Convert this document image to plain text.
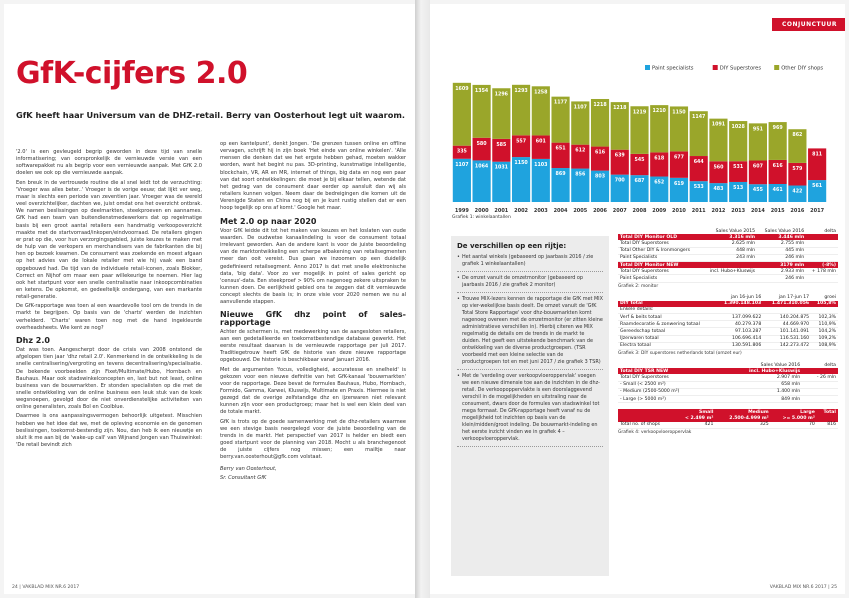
GfK-cijfers 2.0
GfK heeft haar Universum van de DHZ-retail. Berry van Oosterhout legt uit waarom.

'2.0' is een gevleugeld begrip geworden in deze tijd van snelle informatisering; van oorspronkelijk de vernieuwde versie van een softwarepakket nu als begrip voor een vernieuwde aanpak. Met GfK 2.0 doelen we ook op die vernieuwde aanpak.

Een breuk in de vertrouwde routine die al snel leidt tot de verzuchting: 'Vroeger was alles beter..' Vroeger is de vorige eeuw; dat lijkt ver weg, maar is slechts een periode van zeventien jaar. Vroeger was de wereld veel overzichtelijker, dachten we, juist omdat ons het overzicht ontbrak. We namen beslissingen op deelmarkten, steekproeven en aannames. GfK had een team van buitendienstmedewerkers dat op regelmatige basis bij een groot aantal retailers een handmatig verkoopoverzicht maakte met de startvorraad/inkopen/eindvoorraad. De retailers gingen er prat op die, voor hun verzorgingsgebied, juiste keuzes te maken met de hulp van de verkopers en merchandisers van de fabrikanten die bij hen op bezoek kwamen. De consument was zoekende en moest afgaan op het advies van de lokale retailer met wie hij vaak een band opgebouwd had. De tijd van de individuele retail-iconen, zoals Blokker, Correct en Nijhof om maar een paar willekeurige te noemen. Hier lag ook het startpunt voor een snelle centralisatie naar inkoopcombinaties en ketens. De opkomst, en gedeeltelijk ondergang, van een markante retail-generatie.

De GfK-rapportage was toen al een waardevolle tool om de trends in de markt te begrijpen. Op basis van de 'charts' werden de inzichten verhelderd. 'Charts' waren toen nog met de hand ingekleurde overheadsheets. Wie kent ze nog?

Dhz 2.0

Dat was toen. Aangescherpt door de crisis van 2008 ontstond de afgelopen tien jaar 'dhz retail 2.0'. Kenmerkend in de ontwikkeling is de snelle centralisering/vergroting en tevens decentralisering/specialisatie. De bekende voorbeelden zijn Fixet/Multimate/Hubo, Hornbach en Bauhaus. Maar ook stadswinkelconcepten en, last but not least, online business van de bouwmarkten. Er stonden specialisten op die met de snelle ontwikkeling van de online business een leuk stuk van de koek wegsnoepen, gevolgd door de niet onverdienstelijke activiteiten van online generalisten, zoals Bol en Coolblue.

Daarmee is ons aanpassingsvermogen behoorlijk uitgetest. Misschien hebben we het idee dat we, met de opleving economie en de genomen beslissingen, toekomst-bestendig zijn. Nou, dan heb ik een nieuwtje en sluit ik me aan bij de 'wake-up call' van Wijnand Jongen van Thuiswinkel: 'De retail bevindt zich

op een kantelpunt', denkt Jongen. 'De grenzen tussen online en offline vervagen, schrijft hij in zijn boek 'Het einde van online winkelen'. 'Alle mensen die denken dat we het ergste hebben gehad, moeten wakker worden, want het begint nu pas. 3D-printing, kunstmatige intelligentie, blockchain, VR, AR en MR, internet of things, big data en nog een paar van dat soort ontwikkelingen: die moet je bij elkaar tellen, wetende dat het gedrag van de consument daar eerder op aansluit dan wij als retailers kunnen volgen. Neem daar de bedreigingen die komen uit de Verenigde Staten en China nog bij en je kunt rustig stellen dat er een hoop tegelijk op ons af komt.' Google het maar.

Met 2.0 op naar 2020

Voor GfK leidde dit tot het maken van keuzes en het loslaten van oude waarden. De oudwetse kanaalindeling is voor de consument totaal irrelevant geworden. Aan de andere kant is voor de juiste beoordeling van de marktontwikkeling een scherpe afbakening van retailsegmenten meer dan ooit vereist. Dus gaan we inzoomen op een duidelijk gedefinieerd retailsegment. Anno 2017 is dat met snelle elektronische data, 'big data'. Voor zo ver mogelijk in point of sales gericht op 'census'-data. Een steekproef > 90% om nagenoeg zekere uitspraken te kunnen doen. De eerlijkheid gebied ons te zeggen dat dit vernieuwde concept slechts de basis is; in onze visie voor 2020 nemen we nu al aanvullende stappen.

Nieuwe GfK dhz point of sales-rapportage

Achter de schermen is, met medewerking van de aangesloten retailers, aan een gedetailleerde en toekomstbestendige database gewerkt. Het eerste resultaat daarvan is de vernieuwde rapportage per juli 2017. Traditiegetrouw heeft GfK de historie van deze nieuwe rapportage opgebouwd. De historie is beschikbaar vanaf januari 2016.

Met de argumenten 'focus, volledigheid, accuratesse en snelheid' is gekozen voor een nieuwe definitie van het GfK-kanaal 'bouwmarkten' voor de rapportage. Deze bevat de formules Bauhaus, Hubo, Hornbach, Formido, Gamma, Karwei, Kluswijs, Multimate en Praxis. Hiermee is niet gezegd dat de overige zelfstandige dhz en ijzerwaren niet relevant kunnen zijn voor een productgroep; maar het is wel een klein deel van de totale markt.

GfK is trots op de goede samenwerking met de dhz-retailers waarmee we een stevige basis neergelegd voor de juiste beoordeling van de trends in de markt. Het perspectief van 2017 is helder en biedt een goed startpunt voor de planning van 2018. Mocht u als branchegenoot de juiste cijfers nog missen; een mailtje naar berry.van.oosterhout@gfk.com volstaat.

Berry van Oosterhout,

Sr. Consultant GfK

24 | VAKBLAD MIX NR.6 2017
CONJUNCTUUR
1107
335
1609
1999
1064
580
1354
2000
1031
585
1296
2001
1150
557
1293
2002
1103
601
1258
2003
869
651
1177
2004
856
612
1107
2005
803
616
1218
2006
700
639
1218
2007
687
545
1219
2008
652
618
1210
2009
619
677
1150
2010
533
644
1147
2011
483
560
1091
2012
513
531
1028
2013
455
607
951
2014
461
616
969
2015
422
579
862
2016
561
811
2017
Paint specialists	DIY Superstores	Other DIY shops
Grafiek 1: winkelaantallen
De verschillen op een rijtje:
• Het aantal winkels (gebaseerd op jaarbasis 2016 / zie grafiek 1 winkelaantallen)
• De omzet vanuit de omzetmonitor (gebaseerd op jaarbasis 2016 / zie grafiek 2 monitor)
• Trouwe MIX-lezers kennen de rapportage die GfK met MIX op vier-wekelijkse basis deelt. De omzet vanuit de 'GfK Total Store Rapportage' voor dhz-bouwmarkten komt nagenoeg overeen met de omzetmonitor (er zitten kleine administratieve verschillen in). Hierbij citeren we MIX regelmatig de details om de trends in de markt te duiden. Het geeft een uitstekende benchmark van de ontwikkeling van de diverse productgroepen. (TSR voorbeeld met een kleine selectie van de productgroepen tot en met juni 2017 / zie grafiek 3 TSR)
• Met de 'verdeling over verkoopvloeroppervlak' voegen we een nieuwe dimensie toe aan de inzichten in de dhz-retail. De verkoopoppervlakte is een doorslaggevend verschil in de mogelijkheden en uitstraling naar de consument, dwars door de formules van stadswinkel tot mega formaat. De GfK-rapportage heeft vanaf nu de mogelijkheid tot inzichten op basis van de klein/midden/groot indeling. De bouwmarkt-indeling en het eerste inzicht vinden we in grafiek 4 – verkoopvloeroppervlak.
	Sales Value 2015	Sales Value 2016	delta
Total DIY Monitor OLD	3.316 mln	3.446 mln	
Total DIY Superstores	2.625 mln	2.755 mln	
Total Other DIY & Ironmongers	448 mln	445 mln	
Paint Specialists	243 mln	246 mln	
Total DIY Monitor NEW		3179 mln	(-8%)
Total DIY Superstores	incl. Hubo+Kluswijs	2.933 mln	+ 178 mln
Paint Specialists		246 mln	
Grafiek 2: monitor
	jan 16-jun 16	jan 17-jun 17	groei
DIY total	1.390.148.103	1.471.310.056	105,8%
Enkele details:			
Verf & beits totaal	137.099.622	140.204.875	102,3%
Raamdecoratie & zonwering totaal	40.279.378	44.669.970	110,9%
Gereedschap totaal	97.103.287	101.141.091	104,2%
IJzerwaren totaal	106.696.414	116.531.160	109,2%
Electra totaal	130.591.806	142.273.472	108,9%
Grafiek 3: DIY superstores netherlands total (omzet eur)
	Sales Value 2016	delta
Total DIY TSR NEW	incl. Hubo+Kluswijs	
Total DIY Superstores	2.907 mln	- 26 mln
- Small (< 2500 m²)	658 mln	
- Medium (2500-5000 m²)	1.400 mln	
- Large (> 5000 m²)	849 mln	
	Small	Medium	Large	Total
	< 2.499 m²	2.500-4.999 m²	>= 5.000 m²	
Total no. of shops	421	325	70	816
Grafiek 4: verkoopvloeroppervlak
VAKBLAD MIX NR.6 2017 | 25
